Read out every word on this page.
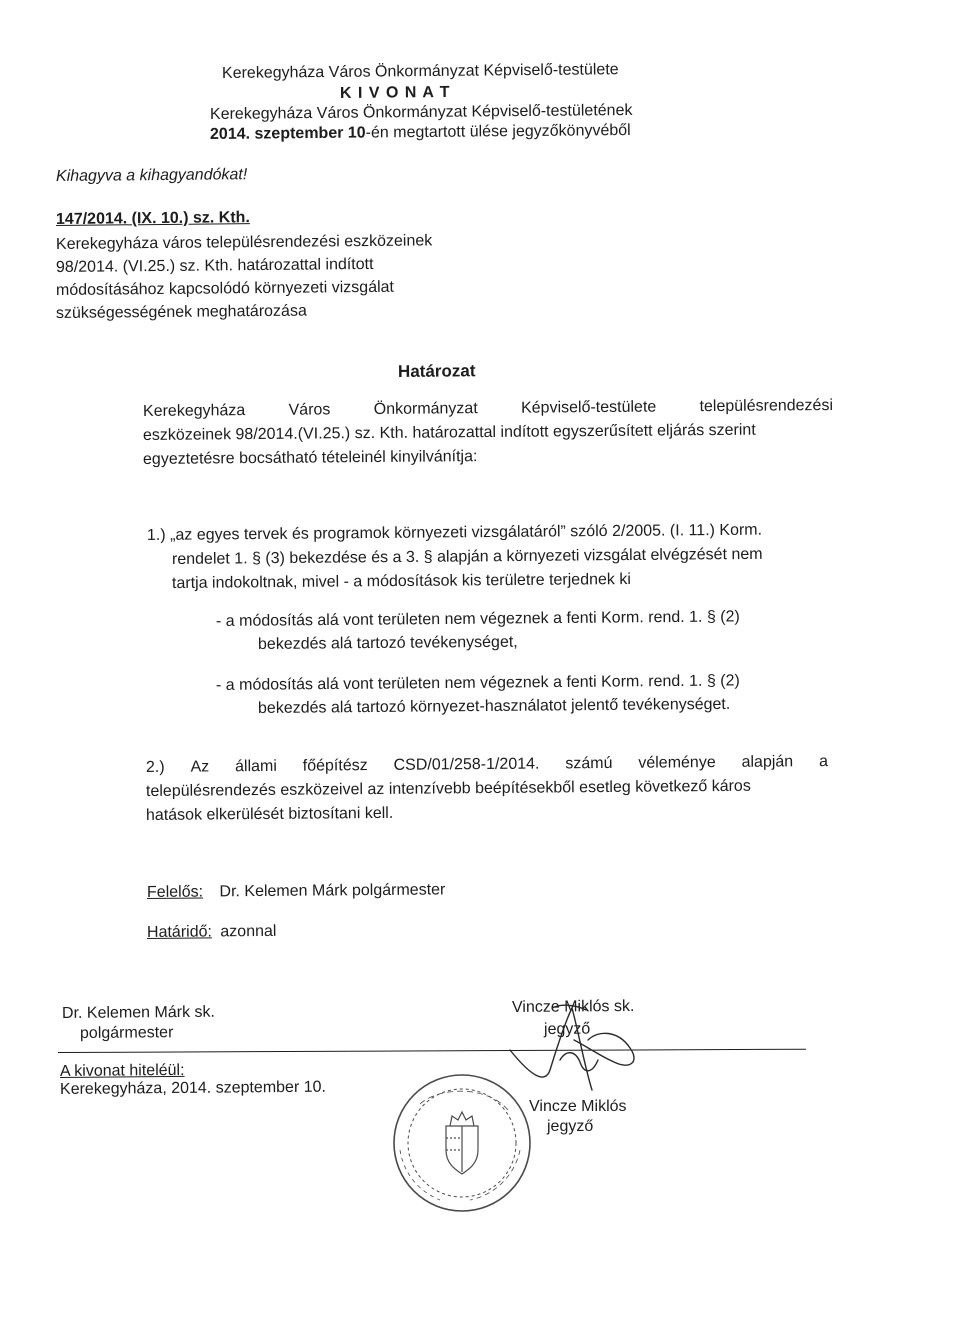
Kerekegyháza Város Önkormányzat Képviselő-testülete
K I V O N A T
Kerekegyháza Város Önkormányzat Képviselő-testületének
2014. szeptember 10-én megtartott ülése jegyzőkönyvéből
Kihagyva a kihagyandókat!
147/2014. (IX. 10.) sz. Kth.
Kerekegyháza város településrendezési eszközeinek
98/2014. (VI.25.) sz. Kth. határozattal indított
módosításához kapcsolódó környezeti vizsgálat
szükségességének meghatározása
Határozat
Kerekegyháza	Város	Önkormányzat	Képviselő-testülete	településrendezési
eszközeinek 98/2014.(VI.25.) sz. Kth. határozattal indított egyszerűsített eljárás szerint
egyeztetésre bocsátható tételeinél kinyilvánítja:
1.) „az egyes tervek és programok környezeti vizsgálatáról” szóló 2/2005. (I. 11.) Korm.
rendelet 1. § (3) bekezdése és a 3. § alapján a környezeti vizsgálat elvégzését nem
tartja indokoltnak, mivel - a módosítások kis területre terjednek ki
- a módosítás alá vont területen nem végeznek a fenti Korm. rend. 1. § (2)
bekezdés alá tartozó tevékenységet,
- a módosítás alá vont területen nem végeznek a fenti Korm. rend. 1. § (2)
bekezdés alá tartozó környezet-használatot jelentő tevékenységet.
2.) Az állami főépítész CSD/01/258-1/2014. számú véleménye alapján a
településrendezés eszközeivel az intenzívebb beépítésekből esetleg következő káros
hatások elkerülését biztosítani kell.
Felelős: Dr. Kelemen Márk polgármester
Határidő: azonnal
Dr. Kelemen Márk sk.
polgármester
Vincze Miklós sk.
jegyző
A kivonat hiteléül:
Kerekegyháza, 2014. szeptember 10.
Vincze Miklós
jegyző
